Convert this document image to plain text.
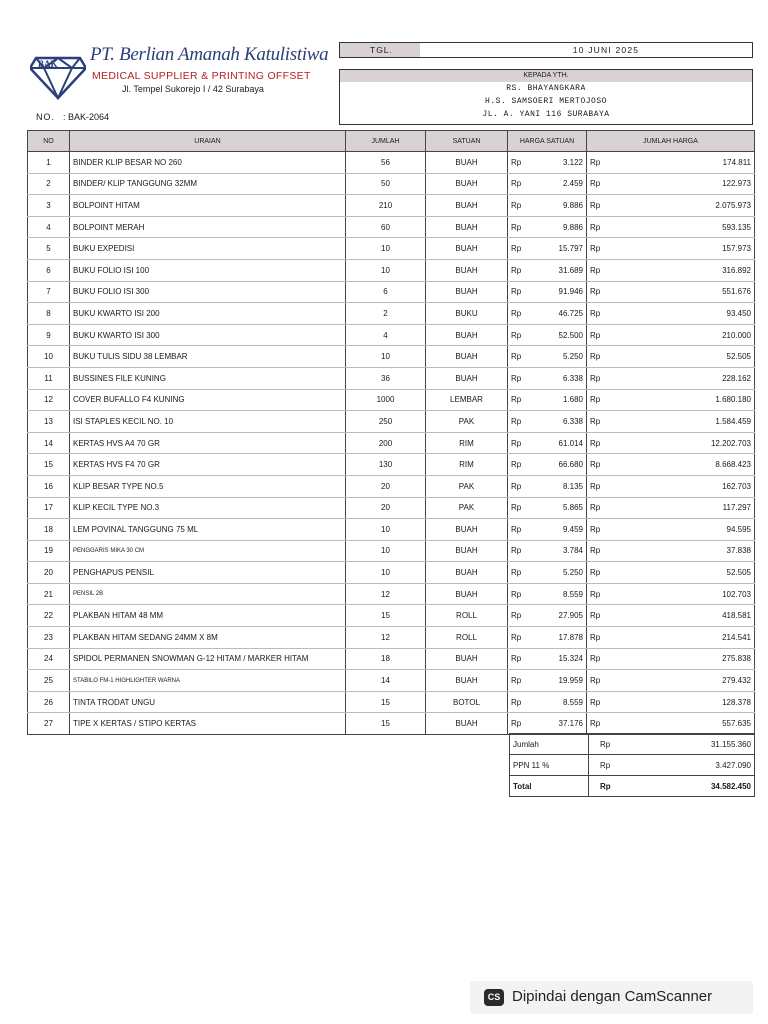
BAK PT. Berlian Amanah Katulistiwa
MEDICAL SUPPLIER & PRINTING OFFSET
Jl. Tempel Sukorejo I / 42 Surabaya
NO. : BAK-2064
TGL.	10 JUNI 2025
KEPADA YTH.
RS. BHAYANGKARA
H.S. SAMSOERI MERTOJOSO
JL. A. YANI 116 SURABAYA
NO	URAIAN	JUMLAH	SATUAN	HARGA SATUAN	JUMLAH HARGA
1	BINDER KLIP BESAR NO 260	56	BUAH	Rp 3.122	Rp 174.811

2	BINDER/ KLIP TANGGUNG 32MM	50	BUAH	Rp 2.459	Rp 122.973

3	BOLPOINT HITAM	210	BUAH	Rp 9.886	Rp 2.075.973

4	BOLPOINT MERAH	60	BUAH	Rp 9.886	Rp 593.135

5	BUKU EXPEDISI	10	BUAH	Rp 15.797	Rp 157.973

6	BUKU FOLIO ISI 100	10	BUAH	Rp 31.689	Rp 316.892

7	BUKU FOLIO ISI 300	6	BUAH	Rp 91.946	Rp 551.676

8	BUKU KWARTO ISI 200	2	BUKU	Rp 46.725	Rp 93.450

9	BUKU KWARTO ISI 300	4	BUAH	Rp 52.500	Rp 210.000

10	BUKU TULIS SIDU 38 LEMBAR	10	BUAH	Rp 5.250	Rp 52.505

11	BUSSINES FILE KUNING	36	BUAH	Rp 6.338	Rp 228.162

12	COVER BUFALLO F4 KUNING	1000	LEMBAR	Rp 1.680	Rp 1.680.180

13	ISI STAPLES KECIL NO. 10	250	PAK	Rp 6.338	Rp 1.584.459

14	KERTAS HVS A4 70 GR	200	RIM	Rp 61.014	Rp 12.202.703

15	KERTAS HVS F4 70 GR	130	RIM	Rp 66.680	Rp 8.668.423

16	KLIP BESAR TYPE NO.5	20	PAK	Rp 8.135	Rp 162.703

17	KLIP KECIL TYPE NO.3	20	PAK	Rp 5.865	Rp 117.297

18	LEM POVINAL TANGGUNG 75 ML	10	BUAH	Rp 9.459	Rp 94.595

19	PENGGARIS MIKA 30 CM	10	BUAH	Rp 3.784	Rp 37.838

20	PENGHAPUS PENSIL	10	BUAH	Rp 5.250	Rp 52.505

21	PENSIL 2B	12	BUAH	Rp 8.559	Rp 102.703

22	PLAKBAN HITAM 48 MM	15	ROLL	Rp 27.905	Rp 418.581

23	PLAKBAN HITAM SEDANG 24MM X 8M	12	ROLL	Rp 17.878	Rp 214.541

24	SPIDOL PERMANEN SNOWMAN G-12 HITAM / MARKER HITAM	18	BUAH	Rp 15.324	Rp 275.838

25	STABILO FM-1 HIGHLIGHTER WARNA	14	BUAH	Rp 19.959	Rp 279.432

26	TINTA TRODAT UNGU	15	BOTOL	Rp 8.559	Rp 128.378

27	TIPE X KERTAS / STIPO KERTAS	15	BUAH	Rp 37.176	Rp 557.635
Jumlah	Rp 31.155.360

PPN 11 %	Rp 3.427.090

Total	Rp 34.582.450
CS Dipindai dengan CamScanner
